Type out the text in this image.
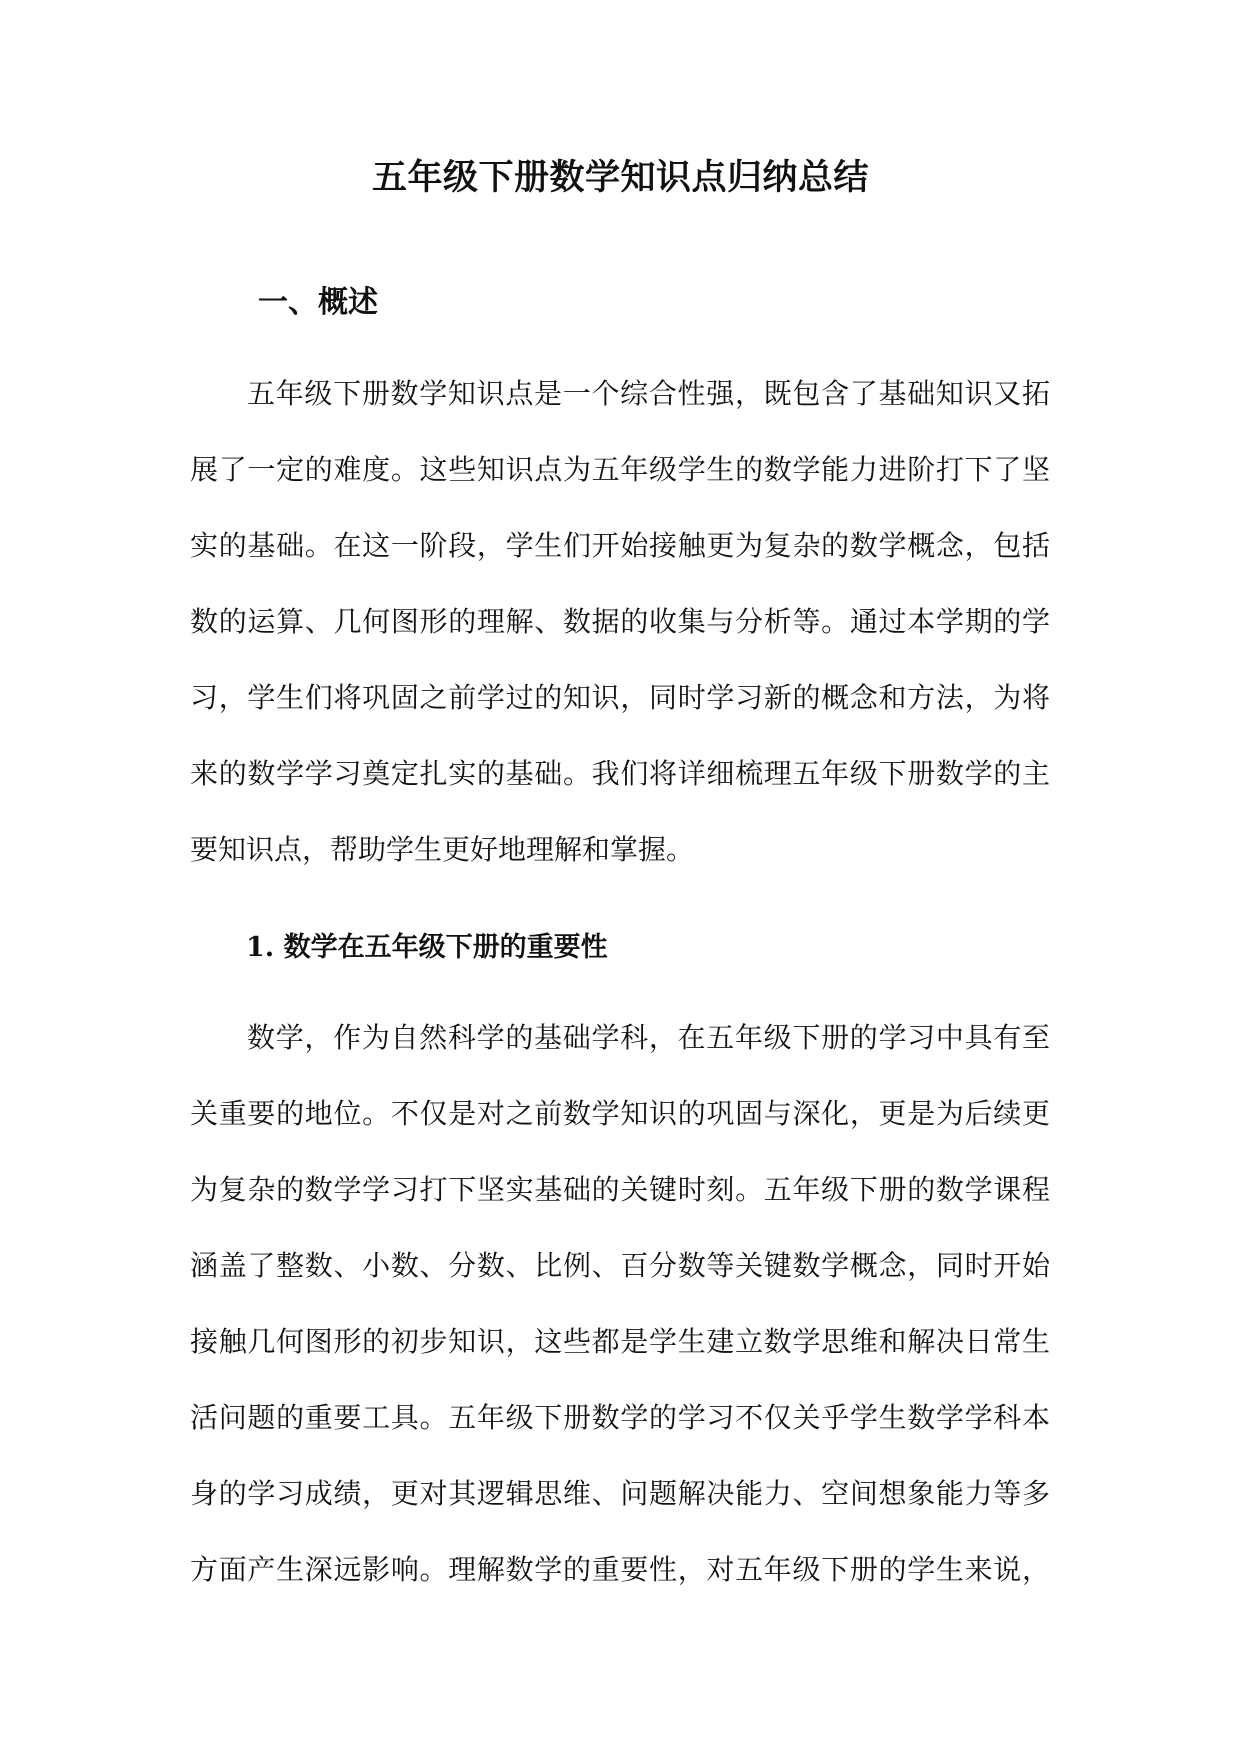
五年级下册数学知识点归纳总结
一、概述
五年级下册数学知识点是一个综合性强，既包含了基础知识又拓
展了一定的难度。这些知识点为五年级学生的数学能力进阶打下了坚
实的基础。在这一阶段，学生们开始接触更为复杂的数学概念，包括
数的运算、几何图形的理解、数据的收集与分析等。通过本学期的学
习，学生们将巩固之前学过的知识，同时学习新的概念和方法，为将
来的数学学习奠定扎实的基础。我们将详细梳理五年级下册数学的主
要知识点，帮助学生更好地理解和掌握。
1. 数学在五年级下册的重要性
数学，作为自然科学的基础学科，在五年级下册的学习中具有至
关重要的地位。不仅是对之前数学知识的巩固与深化，更是为后续更
为复杂的数学学习打下坚实基础的关键时刻。五年级下册的数学课程
涵盖了整数、小数、分数、比例、百分数等关键数学概念，同时开始
接触几何图形的初步知识，这些都是学生建立数学思维和解决日常生
活问题的重要工具。五年级下册数学的学习不仅关乎学生数学学科本
身的学习成绩，更对其逻辑思维、问题解决能力、空间想象能力等多
方面产生深远影响。理解数学的重要性，对五年级下册的学生来说，
